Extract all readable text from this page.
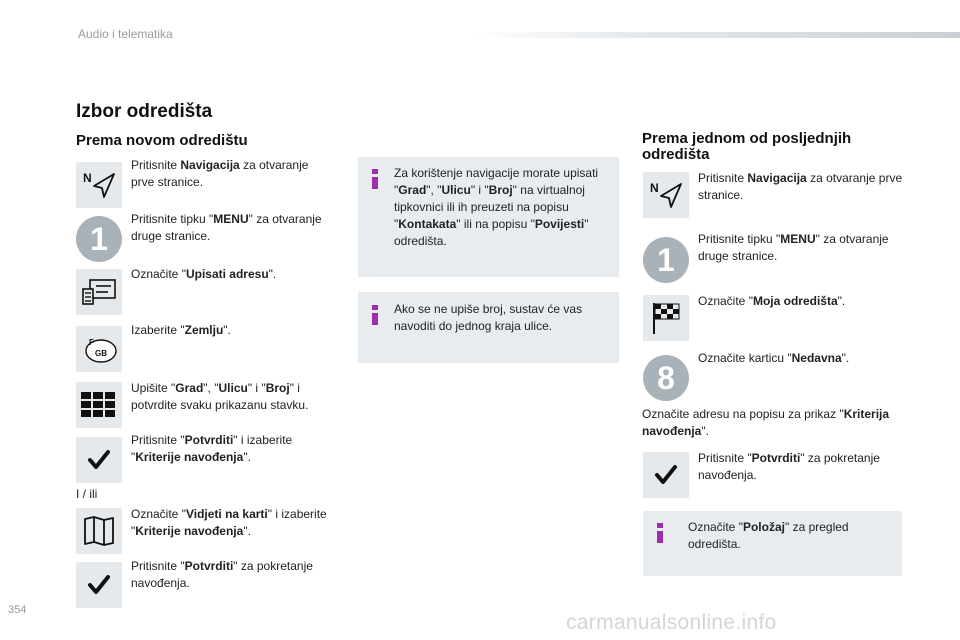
Audio i telematika
Izbor odredišta
Prema novom odredištu
N
Pritisnite Navigacija za otvaranje prve stranice.
1
Pritisnite tipku "MENU" za otvaranje druge stranice.
Označite "Upisati adresu".
F
GB
Izaberite "Zemlju".
Upišite "Grad", "Ulicu" i "Broj" i potvrdite svaku prikazanu stavku.
Pritisnite "Potvrditi" i izaberite "Kriterije navođenja".
I / ili
Označite "Vidjeti na karti" i izaberite "Kriterije navođenja".
Pritisnite "Potvrditi" za pokretanje navođenja.
Za korištenje navigacije morate upisati "Grad", "Ulicu" i "Broj" na virtualnoj tipkovnici ili ih preuzeti na popisu "Kontakata" ili na popisu "Povijesti" odredišta.
Ako se ne upiše broj, sustav će vas navoditi do jednog kraja ulice.
Prema jednom od posljednjih
odredišta
N
Pritisnite Navigacija za otvaranje prve stranice.
1
Pritisnite tipku "MENU" za otvaranje druge stranice.
Označite "Moja odredišta".
8
Označite karticu "Nedavna".
Označite adresu na popisu za prikaz "Kriterija navođenja".
Pritisnite "Potvrditi" za pokretanje navođenja.
Označite "Položaj" za pregled odredišta.
354
carmanualsonline.info
